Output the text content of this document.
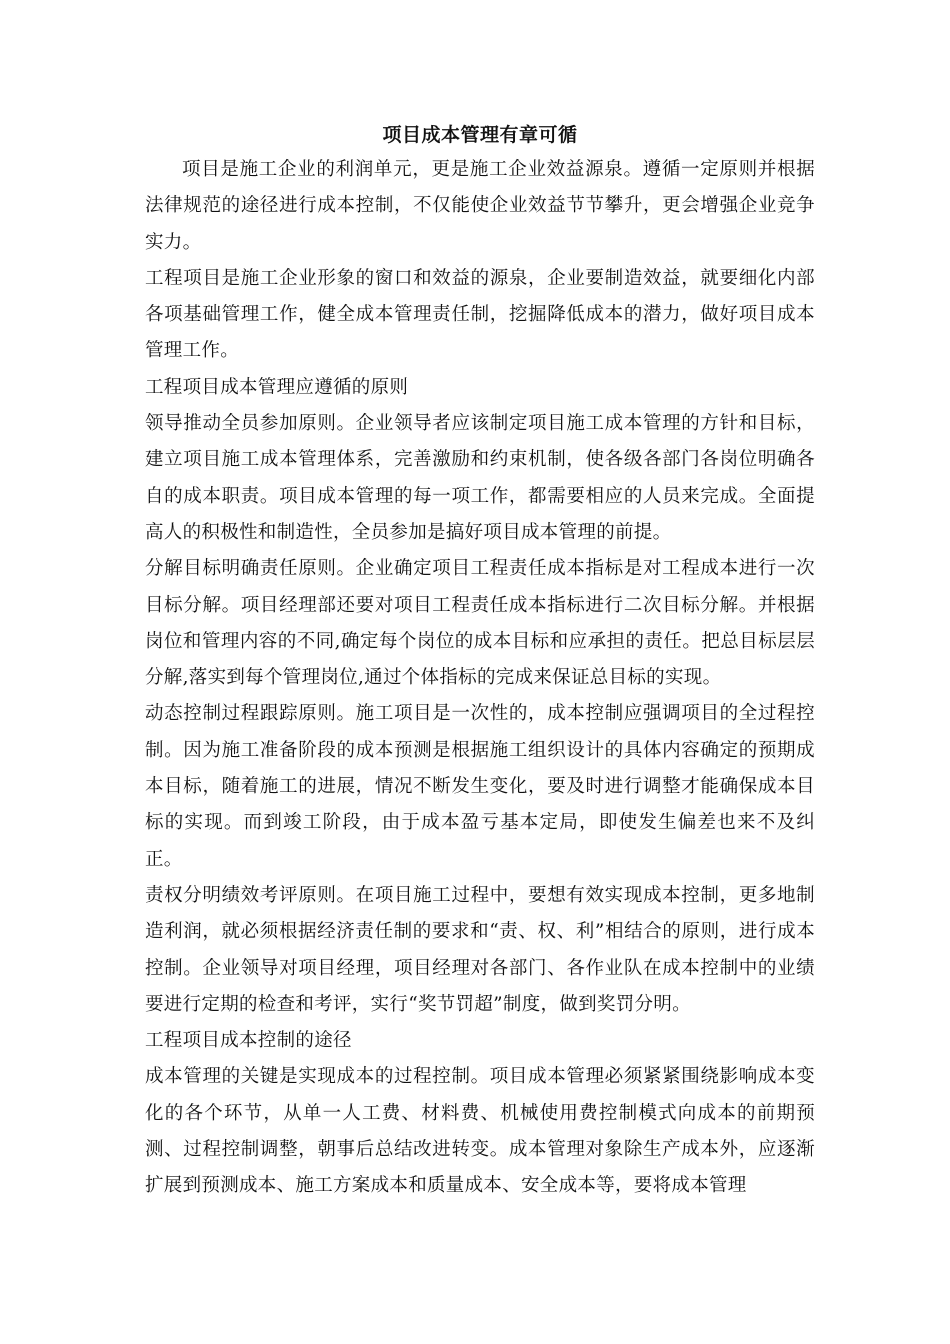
项目成本管理有章可循

项目是施工企业的利润单元，更是施工企业效益源泉。遵循一定原则并根据法律规范的途径进行成本控制，不仅能使企业效益节节攀升，更会增强企业竞争实力。

工程项目是施工企业形象的窗口和效益的源泉，企业要制造效益，就要细化内部各项基础管理工作，健全成本管理责任制，挖掘降低成本的潜力，做好项目成本管理工作。

工程项目成本管理应遵循的原则

领导推动全员参加原则。企业领导者应该制定项目施工成本管理的方针和目标，建立项目施工成本管理体系，完善激励和约束机制，使各级各部门各岗位明确各自的成本职责。项目成本管理的每一项工作，都需要相应的人员来完成。全面提高人的积极性和制造性，全员参加是搞好项目成本管理的前提。

分解目标明确责任原则。企业确定项目工程责任成本指标是对工程成本进行一次目标分解。项目经理部还要对项目工程责任成本指标进行二次目标分解。并根据岗位和管理内容的不同,确定每个岗位的成本目标和应承担的责任。把总目标层层分解,落实到每个管理岗位,通过个体指标的完成来保证总目标的实现。

动态控制过程跟踪原则。施工项目是一次性的，成本控制应强调项目的全过程控制。因为施工准备阶段的成本预测是根据施工组织设计的具体内容确定的预期成本目标，随着施工的进展，情况不断发生变化，要及时进行调整才能确保成本目标的实现。而到竣工阶段，由于成本盈亏基本定局，即使发生偏差也来不及纠正。

责权分明绩效考评原则。在项目施工过程中，要想有效实现成本控制，更多地制造利润，就必须根据经济责任制的要求和“责、权、利”相结合的原则，进行成本控制。企业领导对项目经理，项目经理对各部门、各作业队在成本控制中的业绩要进行定期的检查和考评，实行“奖节罚超”制度，做到奖罚分明。

工程项目成本控制的途径

成本管理的关键是实现成本的过程控制。项目成本管理必须紧紧围绕影响成本变化的各个环节，从单一人工费、材料费、机械使用费控制模式向成本的前期预测、过程控制调整，朝事后总结改进转变。成本管理对象除生产成本外，应逐渐扩展到预测成本、施工方案成本和质量成本、安全成本等，要将成本管理
